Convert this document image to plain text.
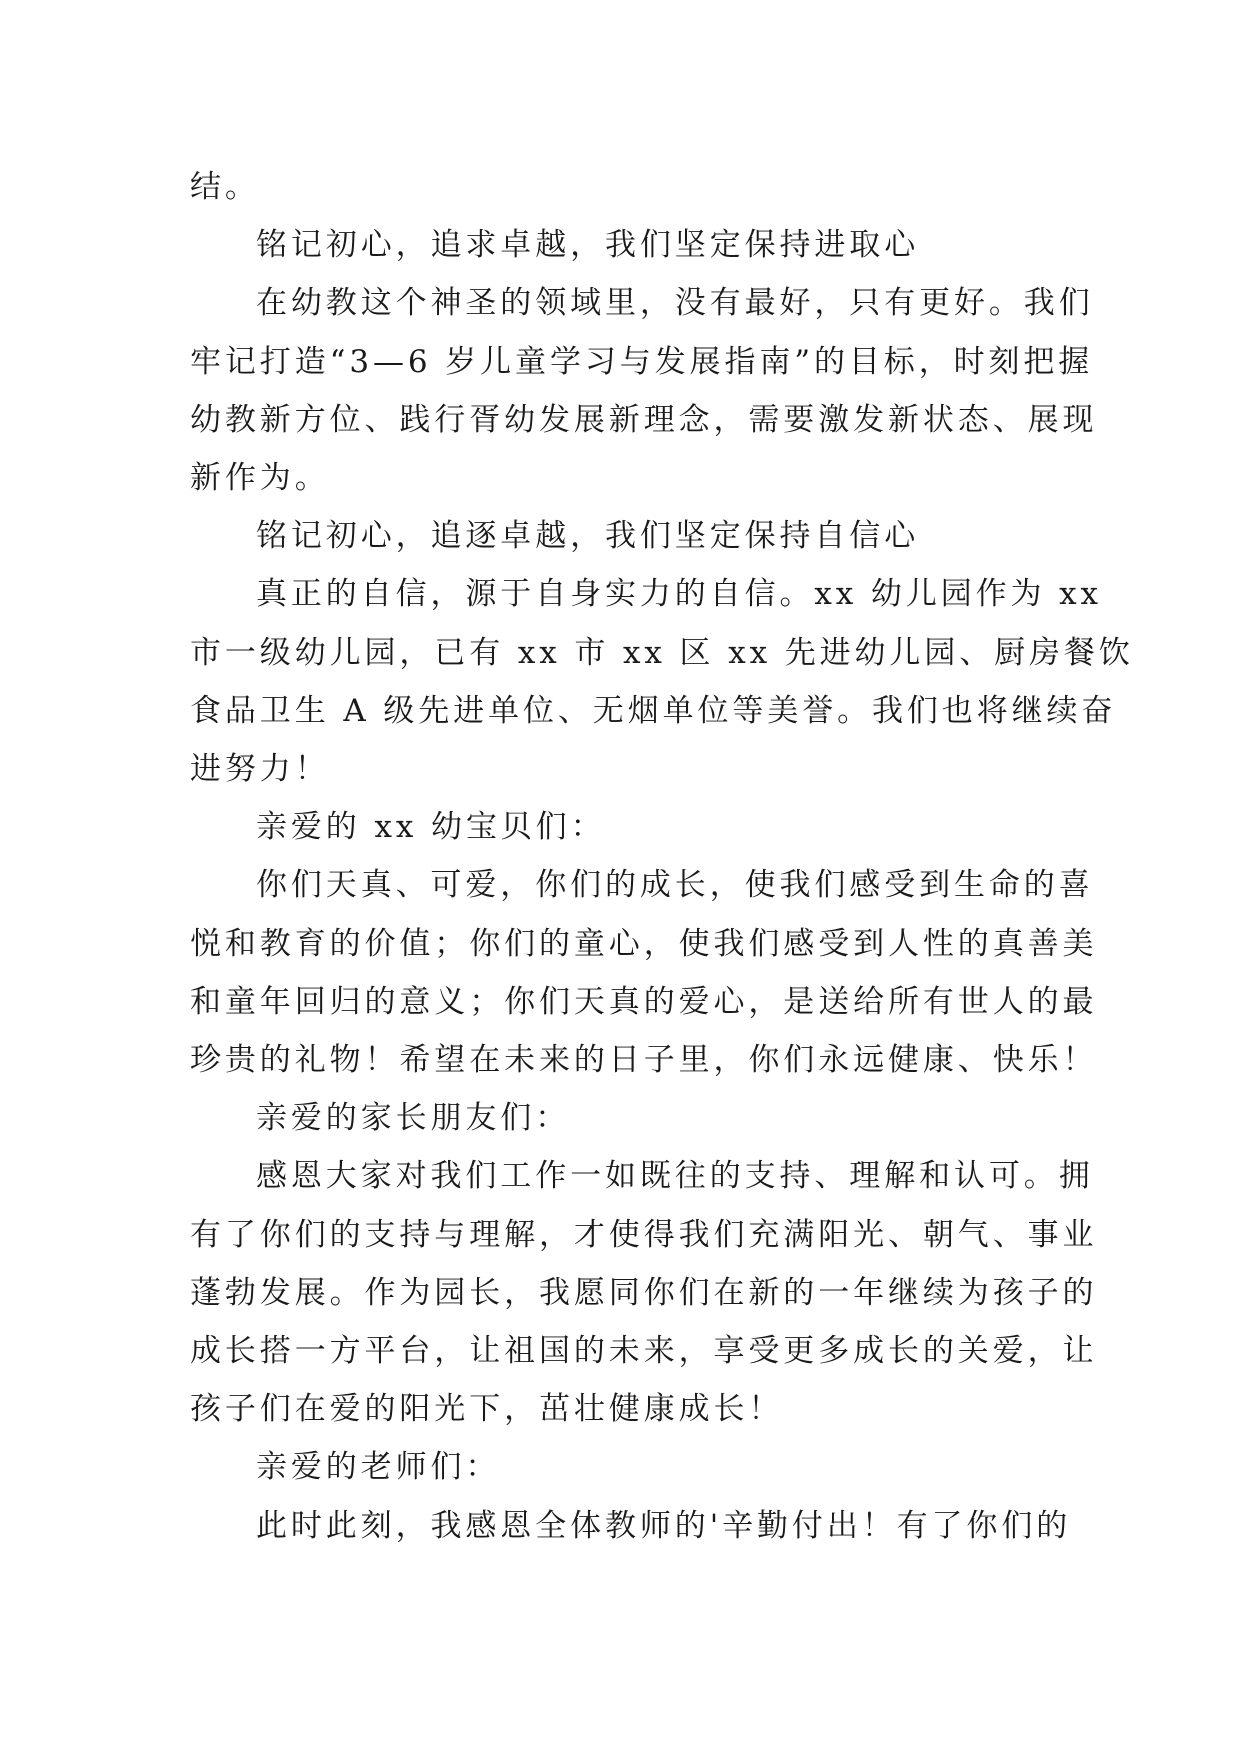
结。

铭记初心，追求卓越，我们坚定保持进取心

在幼教这个神圣的领域里，没有最好，只有更好。我们

牢记打造“3—6 岁儿童学习与发展指南”的目标，时刻把握

幼教新方位、践行胥幼发展新理念，需要激发新状态、展现

新作为。

铭记初心，追逐卓越，我们坚定保持自信心

真正的自信，源于自身实力的自信。xx 幼儿园作为 xx

市一级幼儿园，已有 xx 市 xx 区 xx 先进幼儿园、厨房餐饮

食品卫生 A 级先进单位、无烟单位等美誉。我们也将继续奋

进努力！

亲爱的 xx 幼宝贝们：

你们天真、可爱，你们的成长，使我们感受到生命的喜

悦和教育的价值；你们的童心，使我们感受到人性的真善美

和童年回归的意义；你们天真的爱心，是送给所有世人的最

珍贵的礼物！希望在未来的日子里，你们永远健康、快乐！

亲爱的家长朋友们：

感恩大家对我们工作一如既往的支持、理解和认可。拥

有了你们的支持与理解，才使得我们充满阳光、朝气、事业

蓬勃发展。作为园长，我愿同你们在新的一年继续为孩子的

成长搭一方平台，让祖国的未来，享受更多成长的关爱，让

孩子们在爱的阳光下，茁壮健康成长！

亲爱的老师们：

此时此刻，我感恩全体教师的'辛勤付出！有了你们的
